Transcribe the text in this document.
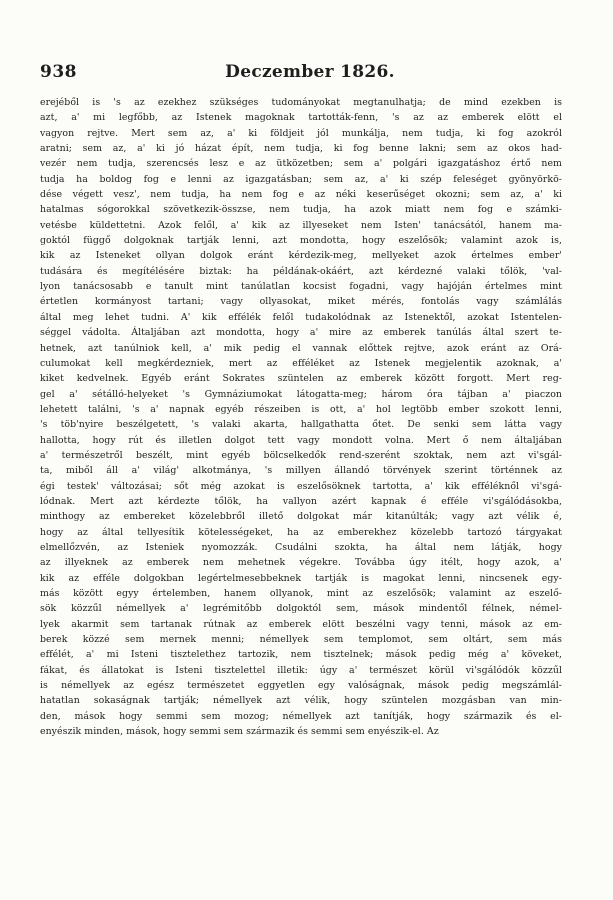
938	Deczember 1826.
erejéből is 's az ezekhez szükséges tudományokat megtanulhatja; de mind ezekben is
azt, a' mi legfőbb, az Istenek magoknak tartották-fenn, 's az az emberek elött el
vagyon rejtve. Mert sem az, a' ki földjeit jól munkálja, nem tudja, ki fog azokról
aratni; sem az, a' ki jó házat épít, nem tudja, ki fog benne lakni; sem az okos had-
vezér nem tudja, szerencsés lesz e az ütközetben; sem a' polgári igazgatáshoz értő nem
tudja ha boldog fog e lenni az igazgatásban; sem az, a' ki szép feleséget gyönyörkö-
dése végett vesz', nem tudja, ha nem fog e az néki keserűséget okozni; sem az, a' ki
hatalmas sógorokkal szövetkezik-összse, nem tudja, ha azok miatt nem fog e számki-
vetésbe küldettetni. Azok felől, a' kik az illyeseket nem Isten' tanácsától, hanem ma-
goktól függő dolgoknak tartják lenni, azt mondotta, hogy eszelősök; valamint azok is,
kik az Isteneket ollyan dolgok eránt kérdezik-meg, mellyeket azok értelmes ember'
tudására és megítélésére biztak: ha példának-okáért, azt kérdezné valaki tőlök, 'val-
lyon tanácsosabb e tanult mint tanúlatlan kocsist fogadni, vagy hajóján értelmes mint
értetlen kormányost tartani; vagy ollyasokat, miket mérés, fontolás vagy számlálás
által meg lehet tudni. A' kik effélék felől tudakolódnak az Istenektől, azokat Istentelen-
séggel vádolta. Általjában azt mondotta, hogy a' mire az emberek tanúlás által szert te-
hetnek, azt tanúlniok kell, a' mik pedig el vannak előttek rejtve, azok eránt az Orá-
culumokat kell megkérdezniek, mert az efféléket az Istenek megjelentik azoknak, a'
kiket kedvelnek. Egyéb eránt Sokrates szüntelen az emberek között forgott. Mert reg-
gel a' sétálló-helyeket 's Gymnáziumokat látogatta-meg; három óra tájban a' piaczon
lehetett találni, 's a' napnak egyéb részeiben is ott, a' hol legtöbb ember szokott lenni,
's töb'nyire beszélgetett, 's valaki akarta, hallgathatta őtet. De senki sem látta vagy
hallotta, hogy rút és illetlen dolgot tett vagy mondott volna. Mert ő nem általjában
a' természetről beszélt, mint egyéb bölcselkedők rend-szerént szoktak, nem azt vi'sgál-
ta, miből áll a' világ' alkotmánya, 's millyen állandó törvények szerint történnek az
égi testek' változásai; sőt még azokat is eszelősöknek tartotta, a' kik efféléknől vi'sgá-
lódnak. Mert azt kérdezte tőlök, ha vallyon azért kapnak é efféle vi'sgálódásokba,
minthogy az embereket közelebbről illető dolgokat már kitanúlták; vagy azt vélik é,
hogy az által tellyesítik kötelességeket, ha az emberekhez közelebb tartozó tárgyakat
elmellőzvén, az Isteniek nyomozzák. Csudálni szokta, ha által nem látják, hogy
az illyeknek az emberek nem mehetnek végekre. Továbba úgy itélt, hogy azok, a'
kik az efféle dolgokban legértelmesebbeknek tartják is magokat lenni, nincsenek egy-
más között egyy értelemben, hanem ollyanok, mint az eszelősök; valamint az eszelő-
sök közzűl némellyek a' legrémitőbb dolgoktól sem, mások mindentől félnek, némel-
lyek akarmit sem tartanak rútnak az emberek elött beszélni vagy tenni, mások az em-
berek közzé sem mernek menni; némellyek sem templomot, sem oltárt, sem más
effélét, a' mi Isteni tisztelethez tartozik, nem tisztelnek; mások pedig még a' köveket,
fákat, és állatokat is Isteni tisztelettel illetik: úgy a' természet körül vi'sgálódók közzűl
is némellyek az egész természetet eggyetlen egy valóságnak, mások pedig megszámlál-
hatatlan sokaságnak tartják; némellyek azt vélik, hogy szüntelen mozgásban van min-
den, mások hogy semmi sem mozog; némellyek azt tanítják, hogy származik és el-
enyészik minden, mások, hogy semmi sem származik és semmi sem enyészik-el. Az
